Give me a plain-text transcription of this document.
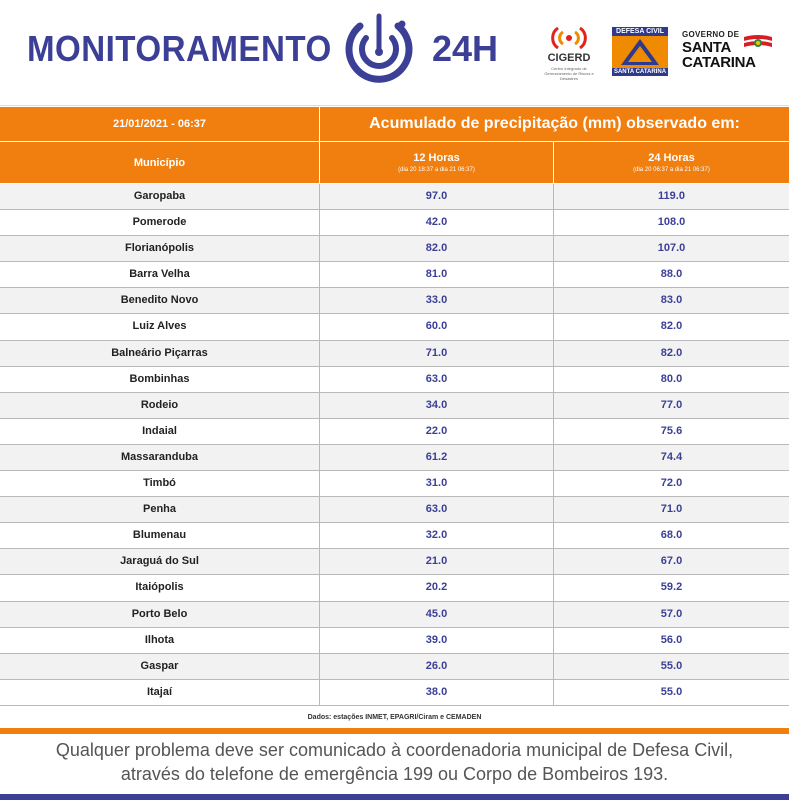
MONITORAMENTO	24H	CIGERD
Centro Integrado de Gerenciamento de Riscos e Desastres
DEFESA CIVIL
SANTA CATARINA
GOVERNO DE
SANTA
CATARINA
21/01/2021 - 06:37	Acumulado de precipitação (mm) observado em:
Município	12 Horas
(dia 20 18:37 a dia 21 06:37)
24 Horas
(dia 20 06:37 a dia 21 06:37)
Garopaba	97.0	119.0
Pomerode	42.0	108.0
Florianópolis	82.0	107.0
Barra Velha	81.0	88.0
Benedito Novo	33.0	83.0
Luiz Alves	60.0	82.0
Balneário Piçarras	71.0	82.0
Bombinhas	63.0	80.0
Rodeio	34.0	77.0
Indaial	22.0	75.6
Massaranduba	61.2	74.4
Timbó	31.0	72.0
Penha	63.0	71.0
Blumenau	32.0	68.0
Jaraguá do Sul	21.0	67.0
Itaiópolis	20.2	59.2
Porto Belo	45.0	57.0
Ilhota	39.0	56.0
Gaspar	26.0	55.0
Itajaí	38.0	55.0
Dados: estações INMET, EPAGRI/Ciram e CEMADEN
Qualquer problema deve ser comunicado à coordenadoria municipal de Defesa Civil,
através do telefone de emergência 199 ou Corpo de Bombeiros 193.
